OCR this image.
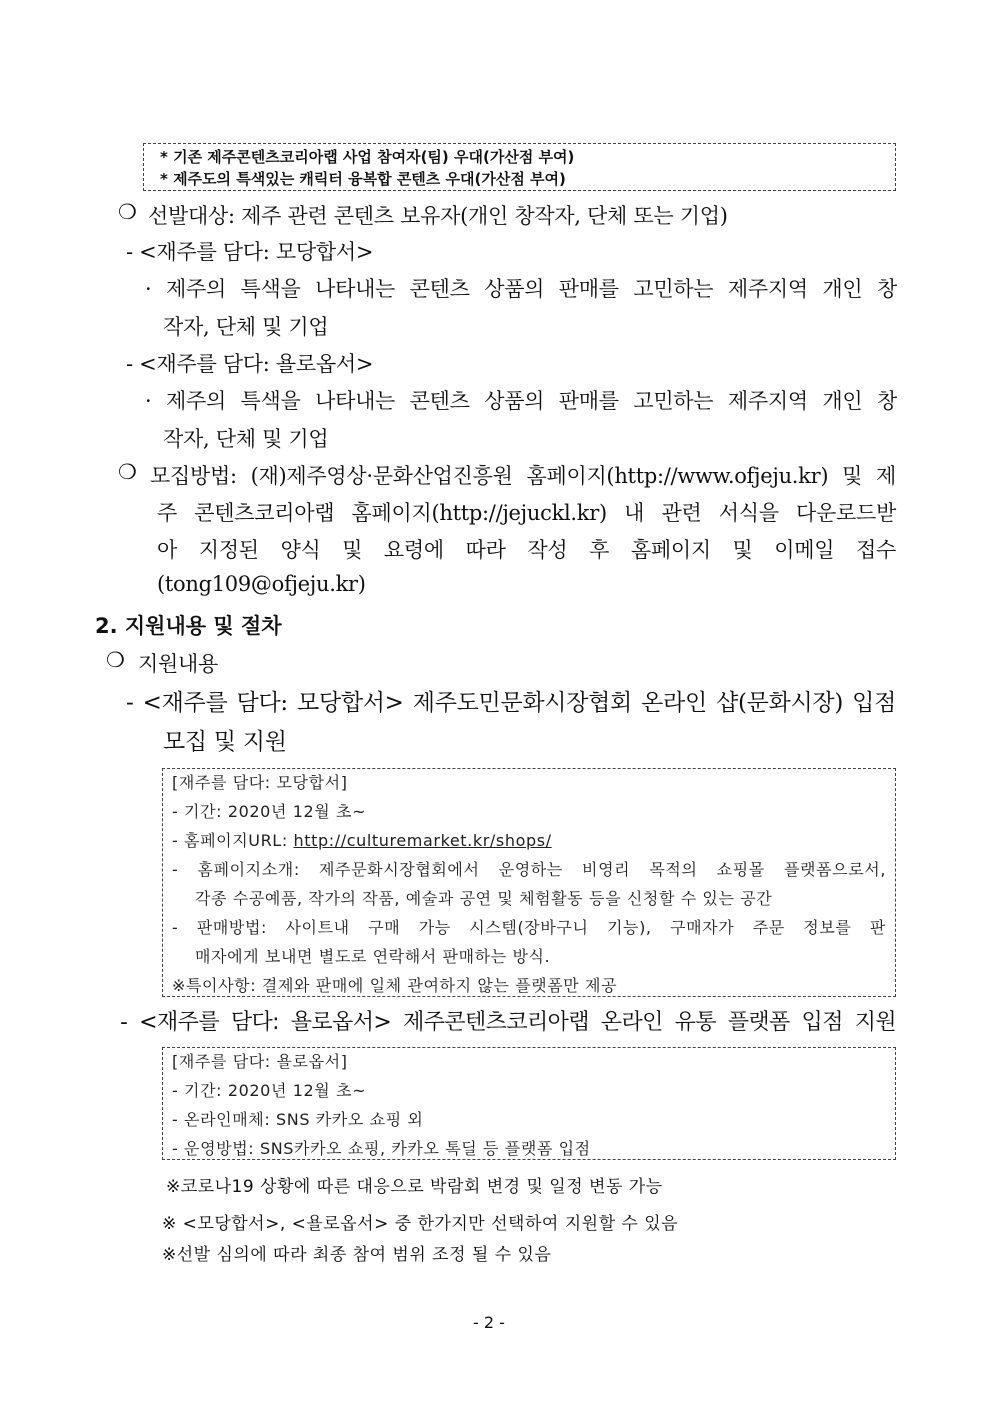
* 기존 제주콘텐츠코리아랩 사업 참여자(팀) 우대(가산점 부여)
* 제주도의 특색있는 캐릭터 융복합 콘텐츠 우대(가산점 부여)
❍ 선발대상: 제주 관련 콘텐츠 보유자(개인 창작자, 단체 또는 기업)
- <재주를 담다: 모당합서>
· 제주의 특색을 나타내는 콘텐츠 상품의 판매를 고민하는 제주지역 개인 창
작자, 단체 및 기업
- <재주를 담다: 욜로옵서>
· 제주의 특색을 나타내는 콘텐츠 상품의 판매를 고민하는 제주지역 개인 창
작자, 단체 및 기업
❍ 모집방법: (재)제주영상·문화산업진흥원 홈페이지(http://www.ofjeju.kr) 및 제
주 콘텐츠코리아랩 홈페이지(http://jejuckl.kr) 내 관련 서식을 다운로드받
아 지정된 양식 및 요령에 따라 작성 후 홈페이지 및 이메일 접수
(tong109@ofjeju.kr)
2. 지원내용 및 절차
❍ 지원내용
- <재주를 담다: 모당합서> 제주도민문화시장협회 온라인 샵(문화시장) 입점
모집 및 지원
[재주를 담다: 모당합서]
- 기간: 2020년 12월 초~
- 홈페이지URL: http://culturemarket.kr/shops/
- 홈페이지소개: 제주문화시장협회에서 운영하는 비영리 목적의 쇼핑몰 플랫폼으로서,
각종 수공예품, 작가의 작품, 예술과 공연 및 체험활동 등을 신청할 수 있는 공간
- 판매방법: 사이트내 구매 가능 시스템(장바구니 기능), 구매자가 주문 정보를 판
매자에게 보내면 별도로 연락해서 판매하는 방식.
※특이사항: 결제와 판매에 일체 관여하지 않는 플랫폼만 제공
- <재주를 담다: 욜로옵서> 제주콘텐츠코리아랩 온라인 유통 플랫폼 입점 지원
[재주를 담다: 욜로옵서]
- 기간: 2020년 12월 초~
- 온라인매체: SNS 카카오 쇼핑 외
- 운영방법: SNS카카오 쇼핑, 카카오 톡딜 등 플랫폼 입점
※코로나19 상황에 따른 대응으로 박람회 변경 및 일정 변동 가능
※ <모당합서>, <욜로옵서> 중 한가지만 선택하여 지원할 수 있음
※선발 심의에 따라 최종 참여 범위 조정 될 수 있음
- 2 -
